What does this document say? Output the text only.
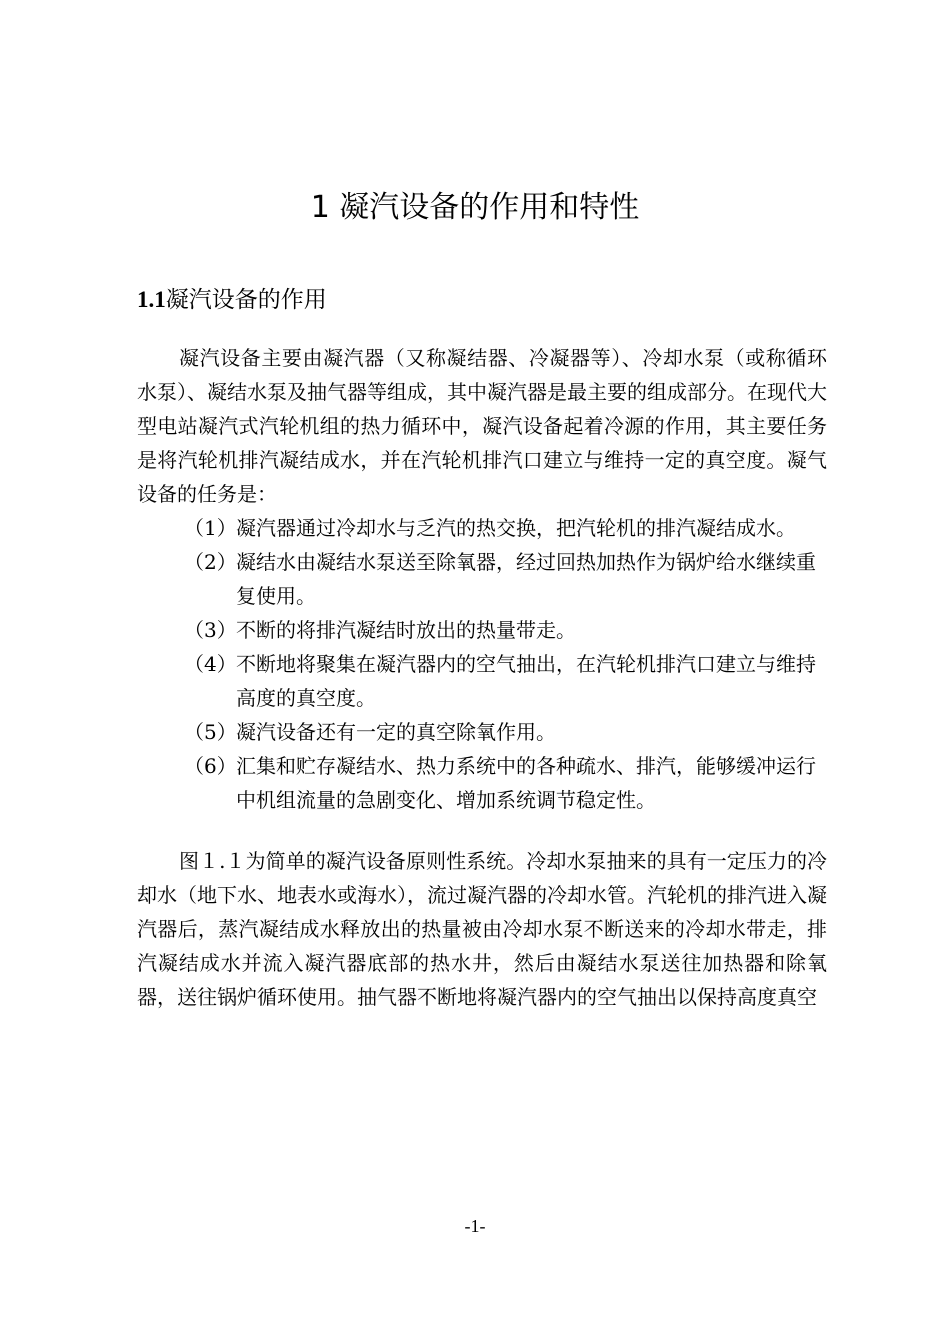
1 凝汽设备的作用和特性
1.1凝汽设备的作用

凝汽设备主要由凝汽器（又称凝结器、冷凝器等）、冷却水泵（或称循环水泵）、凝结水泵及抽气器等组成，其中凝汽器是最主要的组成部分。在现代大型电站凝汽式汽轮机组的热力循环中，凝汽设备起着冷源的作用，其主要任务是将汽轮机排汽凝结成水，并在汽轮机排汽口建立与维持一定的真空度。凝气设备的任务是：

（1） 凝汽器通过冷却水与乏汽的热交换，把汽轮机的排汽凝结成水。
（2） 凝结水由凝结水泵送至除氧器，经过回热加热作为锅炉给水继续重复使用。
（3） 不断的将排汽凝结时放出的热量带走。
（4） 不断地将聚集在凝汽器内的空气抽出，在汽轮机排汽口建立与维持高度的真空度。
（5） 凝汽设备还有一定的真空除氧作用。
（6） 汇集和贮存凝结水、热力系统中的各种疏水、排汽，能够缓冲运行中机组流量的急剧变化、增加系统调节稳定性。

图１.１为简单的凝汽设备原则性系统。冷却水泵抽来的具有一定压力的冷却水（地下水、地表水或海水），流过凝汽器的冷却水管。汽轮机的排汽进入凝汽器后，蒸汽凝结成水释放出的热量被由冷却水泵不断送来的冷却水带走，排汽凝结成水并流入凝汽器底部的热水井，然后由凝结水泵送往加热器和除氧器，送往锅炉循环使用。抽气器不断地将凝汽器内的空气抽出以保持高度真空

-1-
